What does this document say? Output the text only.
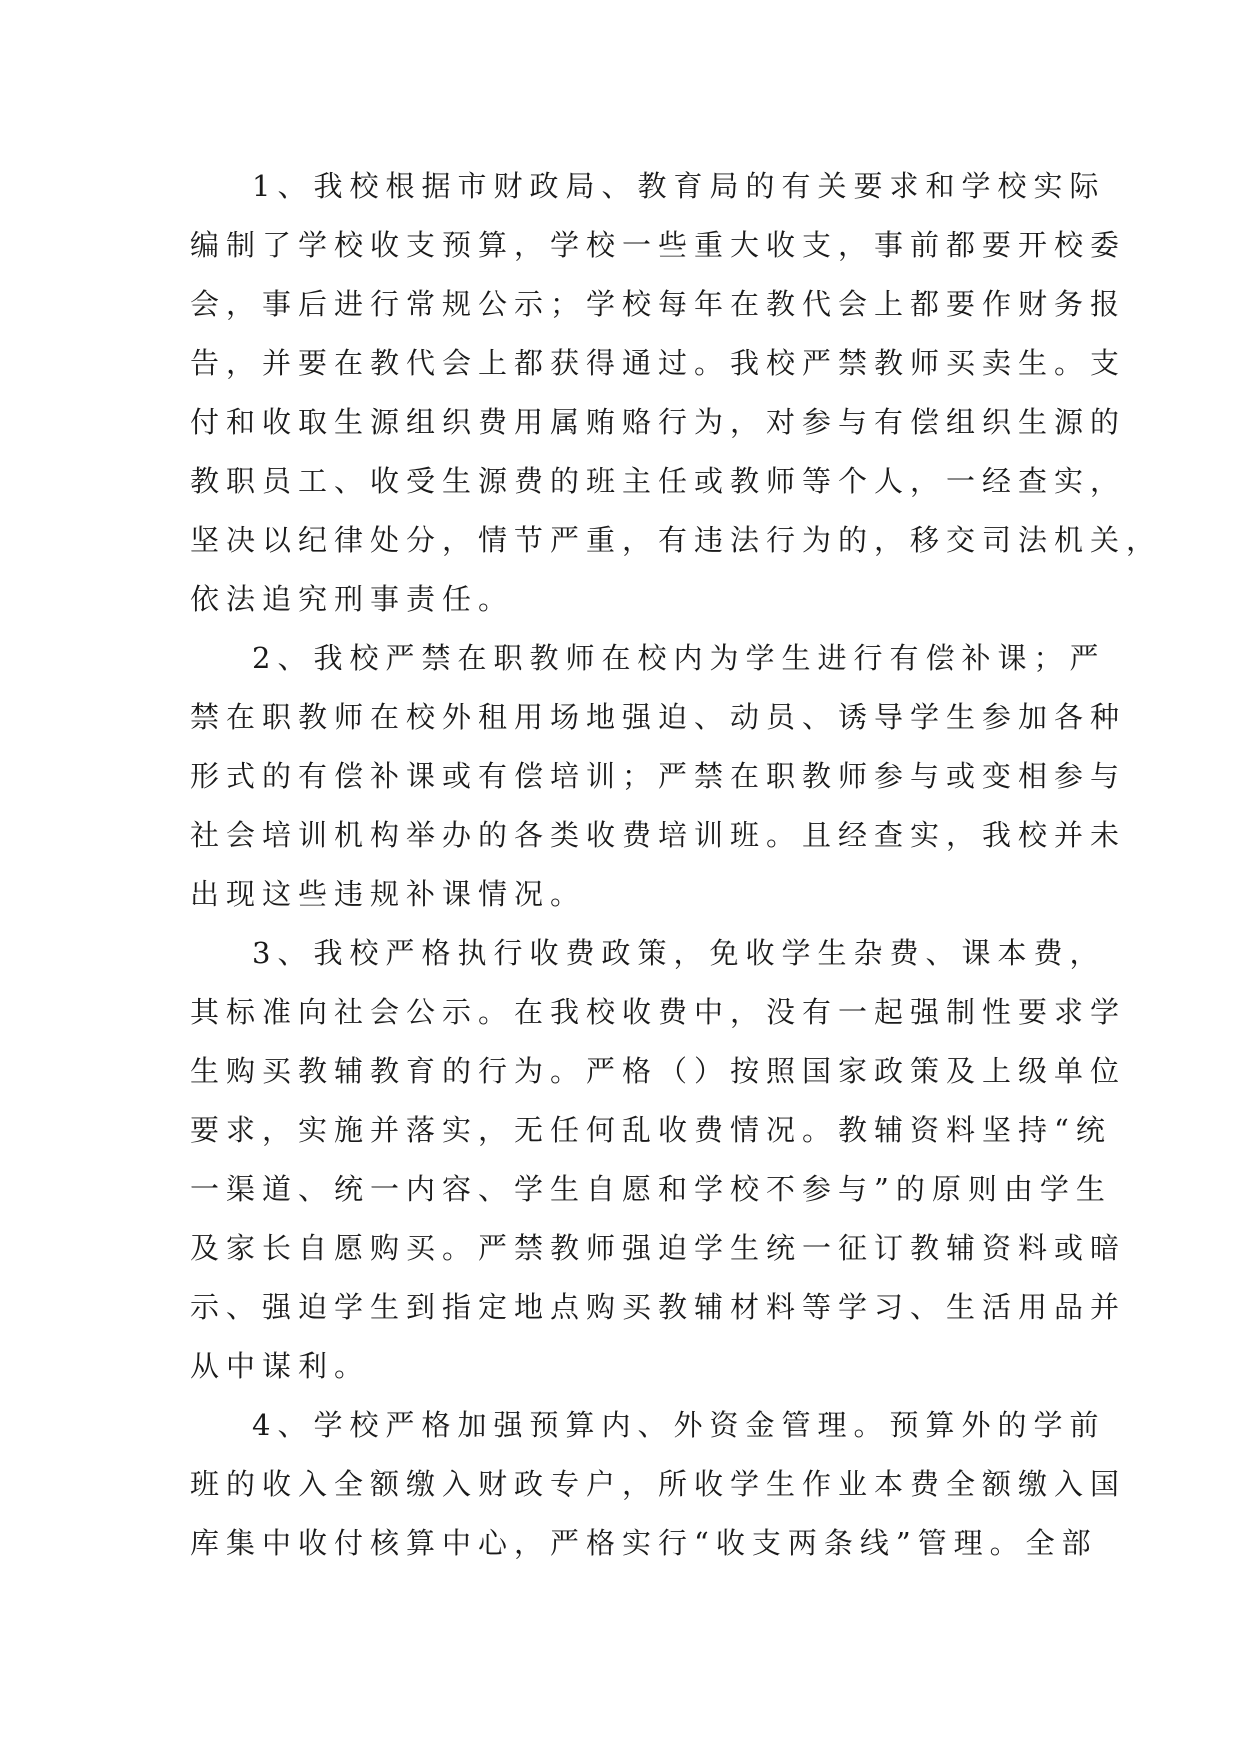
1、我校根据市财政局、教育局的有关要求和学校实际
编制了学校收支预算，学校一些重大收支，事前都要开校委
会，事后进行常规公示；学校每年在教代会上都要作财务报
告，并要在教代会上都获得通过。我校严禁教师买卖生。支
付和收取生源组织费用属贿赂行为，对参与有偿组织生源的
教职员工、收受生源费的班主任或教师等个人，一经查实，
坚决以纪律处分，情节严重，有违法行为的，移交司法机关，
依法追究刑事责任。
2、我校严禁在职教师在校内为学生进行有偿补课；严
禁在职教师在校外租用场地强迫、动员、诱导学生参加各种
形式的有偿补课或有偿培训；严禁在职教师参与或变相参与
社会培训机构举办的各类收费培训班。且经查实，我校并未
出现这些违规补课情况。
3、我校严格执行收费政策，免收学生杂费、课本费，
其标准向社会公示。在我校收费中，没有一起强制性要求学
生购买教辅教育的行为。严格（）按照国家政策及上级单位
要求，实施并落实，无任何乱收费情况。教辅资料坚持“统
一渠道、统一内容、学生自愿和学校不参与”的原则由学生
及家长自愿购买。严禁教师强迫学生统一征订教辅资料或暗
示、强迫学生到指定地点购买教辅材料等学习、生活用品并
从中谋利。
4、学校严格加强预算内、外资金管理。预算外的学前
班的收入全额缴入财政专户，所收学生作业本费全额缴入国
库集中收付核算中心，严格实行“收支两条线”管理。全部
